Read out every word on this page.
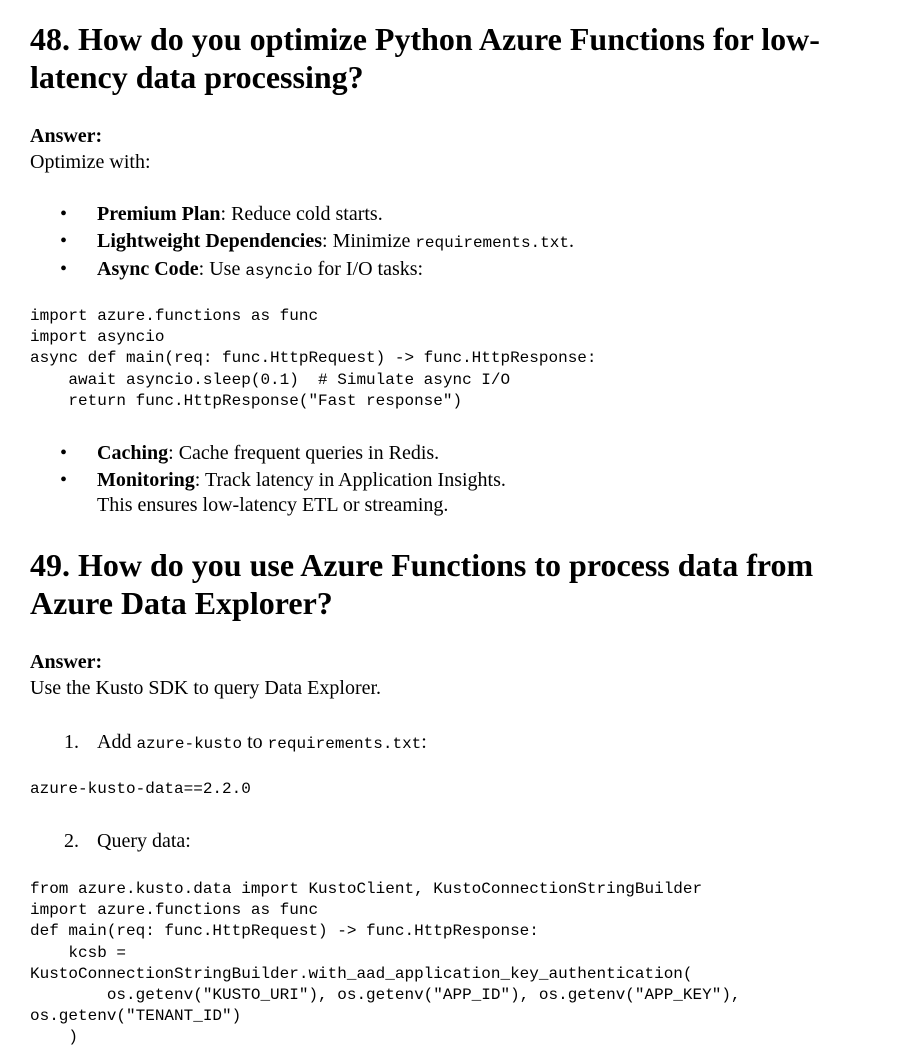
48. How do you optimize Python Azure Functions for low-latency data processing?

Answer:

Optimize with:

• Premium Plan: Reduce cold starts.
• Lightweight Dependencies: Minimize requirements.txt.
• Async Code: Use asyncio for I/O tasks:
import azure.functions as func
import asyncio
async def main(req: func.HttpRequest) -> func.HttpResponse:
await asyncio.sleep(0.1)  # Simulate async I/O
return func.HttpResponse("Fast response")
• Caching: Cache frequent queries in Redis.
• Monitoring: Track latency in Application Insights.

This ensures low-latency ETL or streaming.

49. How do you use Azure Functions to process data from Azure Data Explorer?

Answer:

Use the Kusto SDK to query Data Explorer.

1. Add azure-kusto to requirements.txt:
azure-kusto-data==2.2.0
2. Query data:
from azure.kusto.data import KustoClient, KustoConnectionStringBuilder
import azure.functions as func
def main(req: func.HttpRequest) -> func.HttpResponse:
kcsb =
KustoConnectionStringBuilder.with_aad_application_key_authentication(
os.getenv("KUSTO_URI"), os.getenv("APP_ID"), os.getenv("APP_KEY"),
os.getenv("TENANT_ID")
)
